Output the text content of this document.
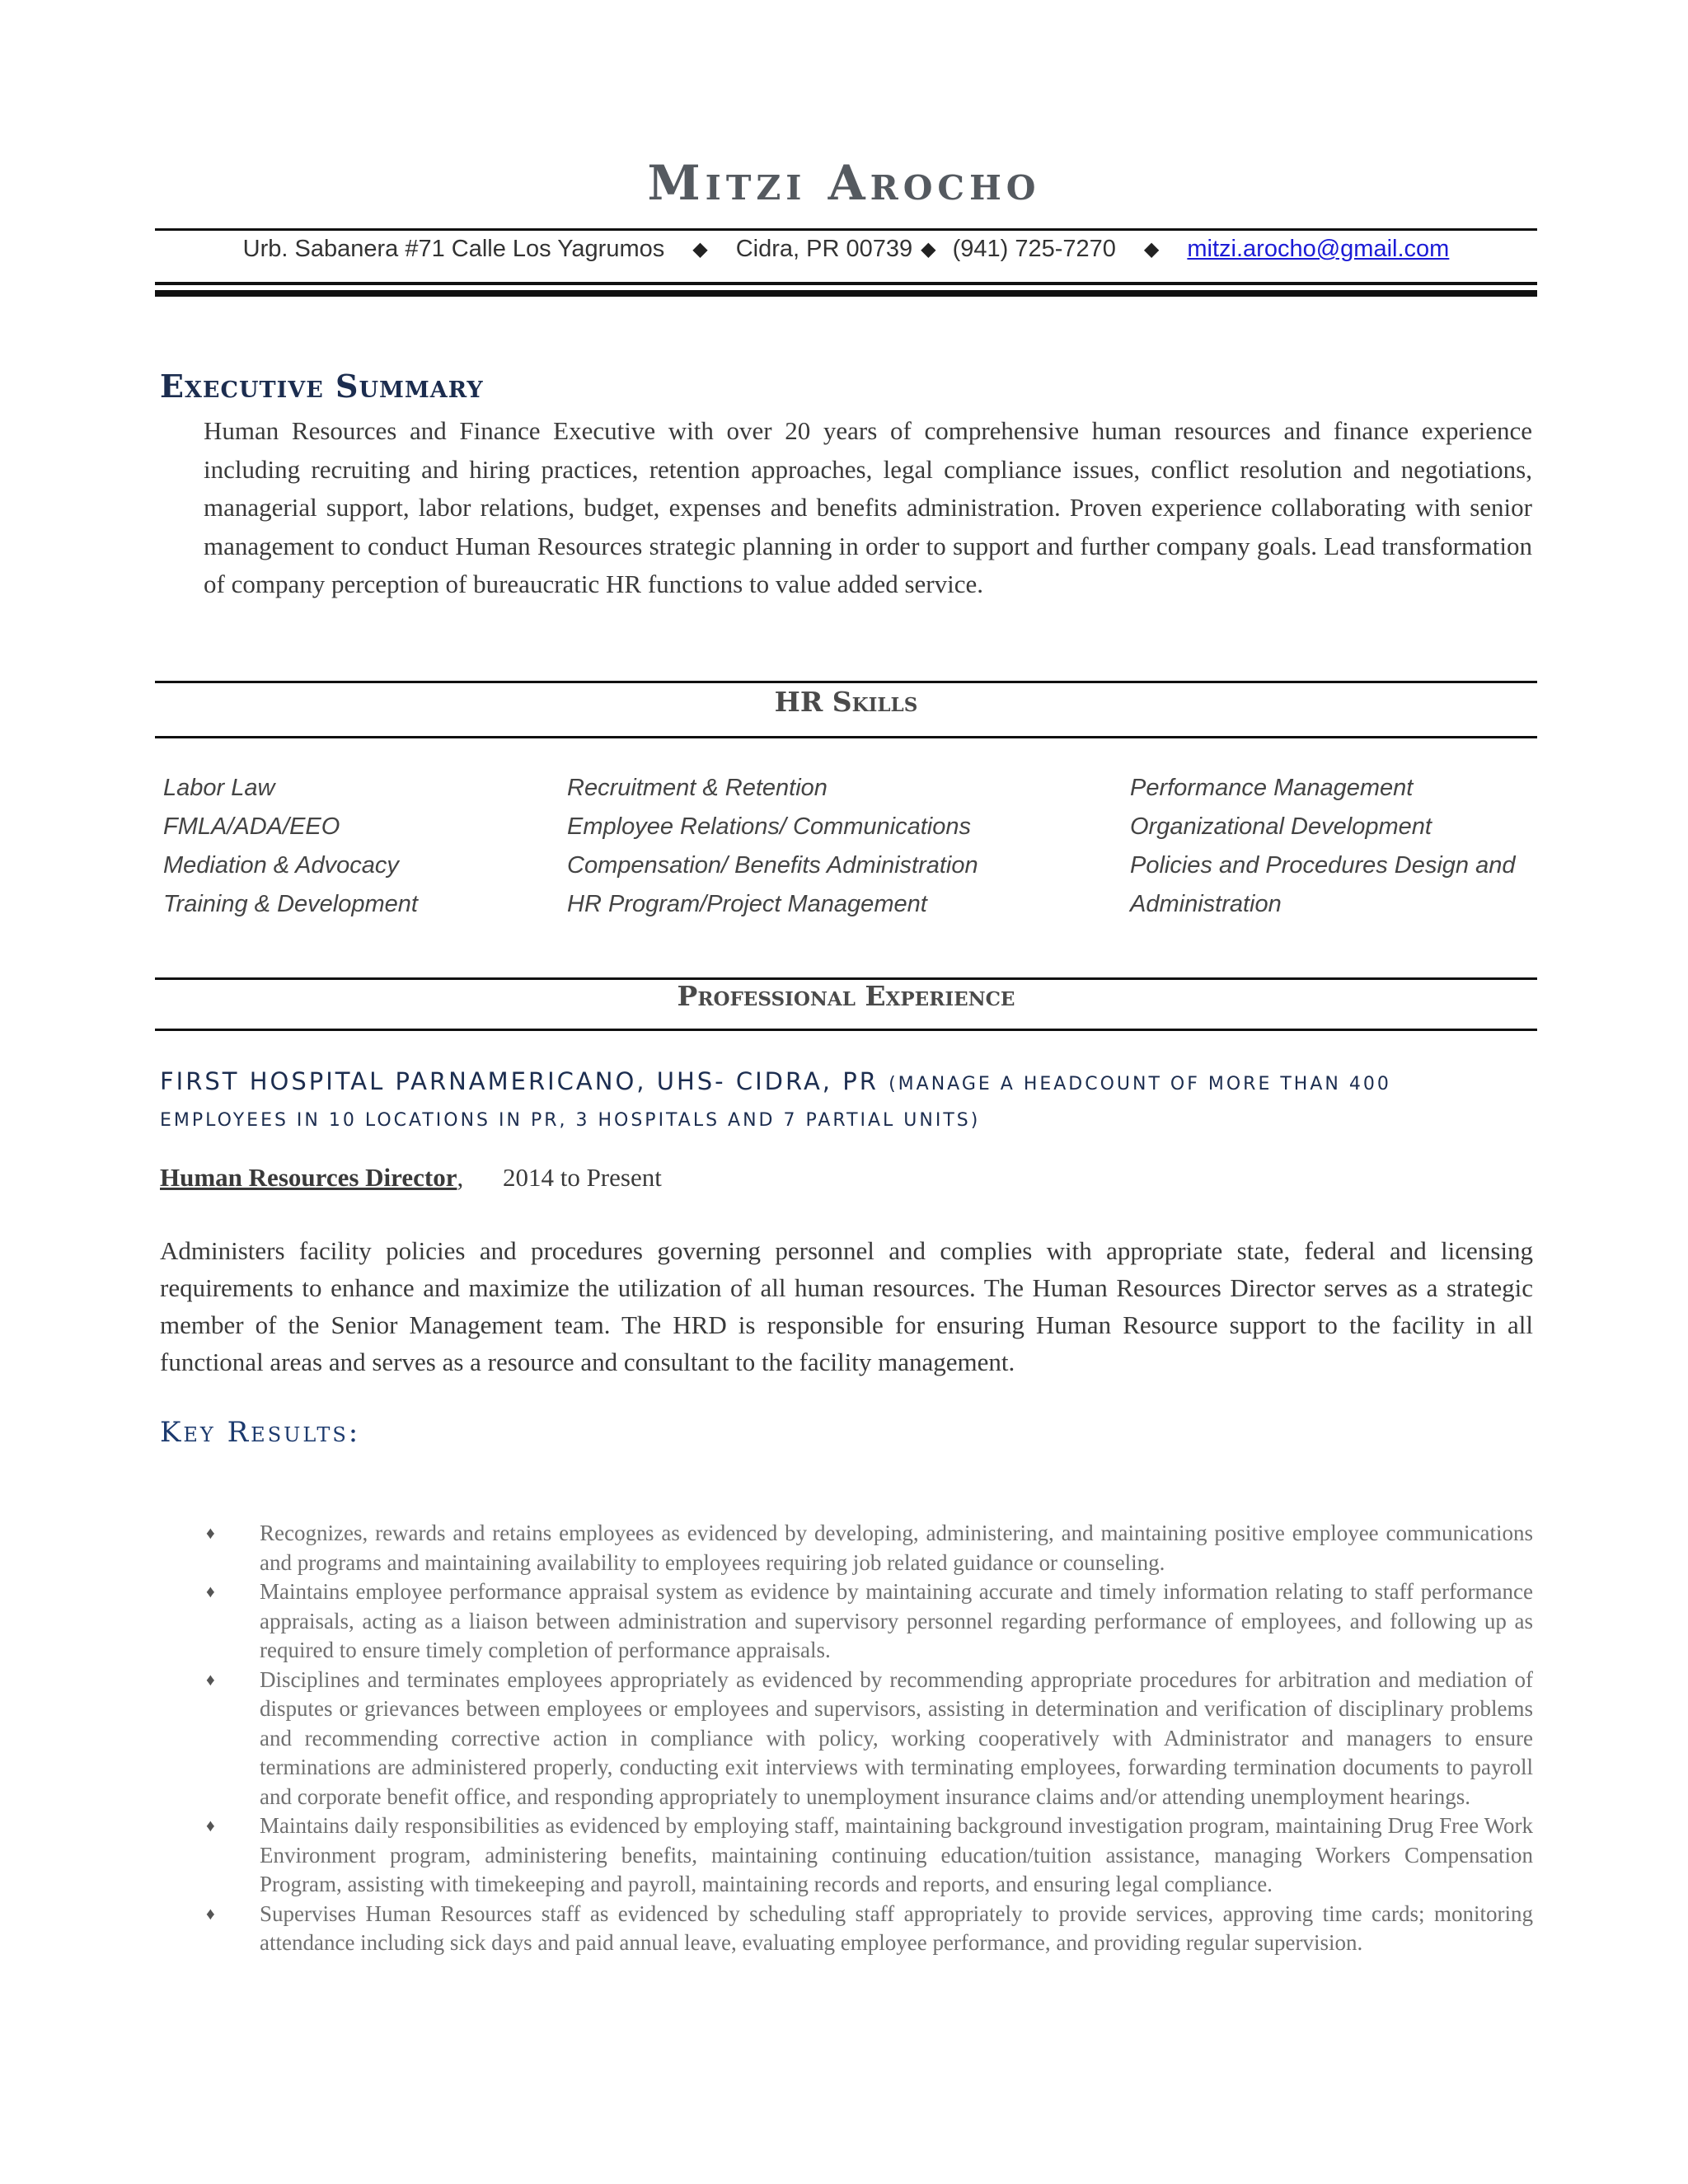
Mitzi Arocho
Urb. Sabanera #71 Calle Los Yagrumos ◆ Cidra, PR 00739 ◆ (941) 725-7270 ◆ mitzi.arocho@gmail.com
Executive Summary
Human Resources and Finance Executive with over 20 years of comprehensive human resources and finance experience including recruiting and hiring practices, retention approaches, legal compliance issues, conflict resolution and negotiations, managerial support, labor relations, budget, expenses and benefits administration. Proven experience collaborating with senior management to conduct Human Resources strategic planning in order to support and further company goals. Lead transformation of company perception of bureaucratic HR functions to value added service.
HR Skills
Labor Law
FMLA/ADA/EEO
Mediation & Advocacy
Training & Development
Recruitment & Retention
Employee Relations/ Communications
Compensation/ Benefits Administration
HR Program/Project Management
Performance Management
Organizational Development
Policies and Procedures Design and
Administration
Professional Experience
FIRST HOSPITAL PARNAMERICANO, UHS- CIDRA, PR (MANAGE A HEADCOUNT OF MORE THAN 400
EMPLOYEES IN 10 LOCATIONS IN PR, 3 HOSPITALS AND 7 PARTIAL UNITS)
Human Resources Director, 2014 to Present
Administers facility policies and procedures governing personnel and complies with appropriate state, federal and licensing requirements to enhance and maximize the utilization of all human resources. The Human Resources Director serves as a strategic member of the Senior Management team. The HRD is responsible for ensuring Human Resource support to the facility in all functional areas and serves as a resource and consultant to the facility management.
Key Results:
♦ Recognizes, rewards and retains employees as evidenced by developing, administering, and maintaining positive employee communications and programs and maintaining availability to employees requiring job related guidance or counseling.
♦ Maintains employee performance appraisal system as evidence by maintaining accurate and timely information relating to staff performance appraisals, acting as a liaison between administration and supervisory personnel regarding performance of employees, and following up as required to ensure timely completion of performance appraisals.
♦ Disciplines and terminates employees appropriately as evidenced by recommending appropriate procedures for arbitration and mediation of disputes or grievances between employees or employees and supervisors, assisting in determination and verification of disciplinary problems and recommending corrective action in compliance with policy, working cooperatively with Administrator and managers to ensure terminations are administered properly, conducting exit interviews with terminating employees, forwarding termination documents to payroll and corporate benefit office, and responding appropriately to unemployment insurance claims and/or attending unemployment hearings.
♦ Maintains daily responsibilities as evidenced by employing staff, maintaining background investigation program, maintaining Drug Free Work Environment program, administering benefits, maintaining continuing education/tuition assistance, managing Workers Compensation Program, assisting with timekeeping and payroll, maintaining records and reports, and ensuring legal compliance.
♦ Supervises Human Resources staff as evidenced by scheduling staff appropriately to provide services, approving time cards; monitoring attendance including sick days and paid annual leave, evaluating employee performance, and providing regular supervision.
